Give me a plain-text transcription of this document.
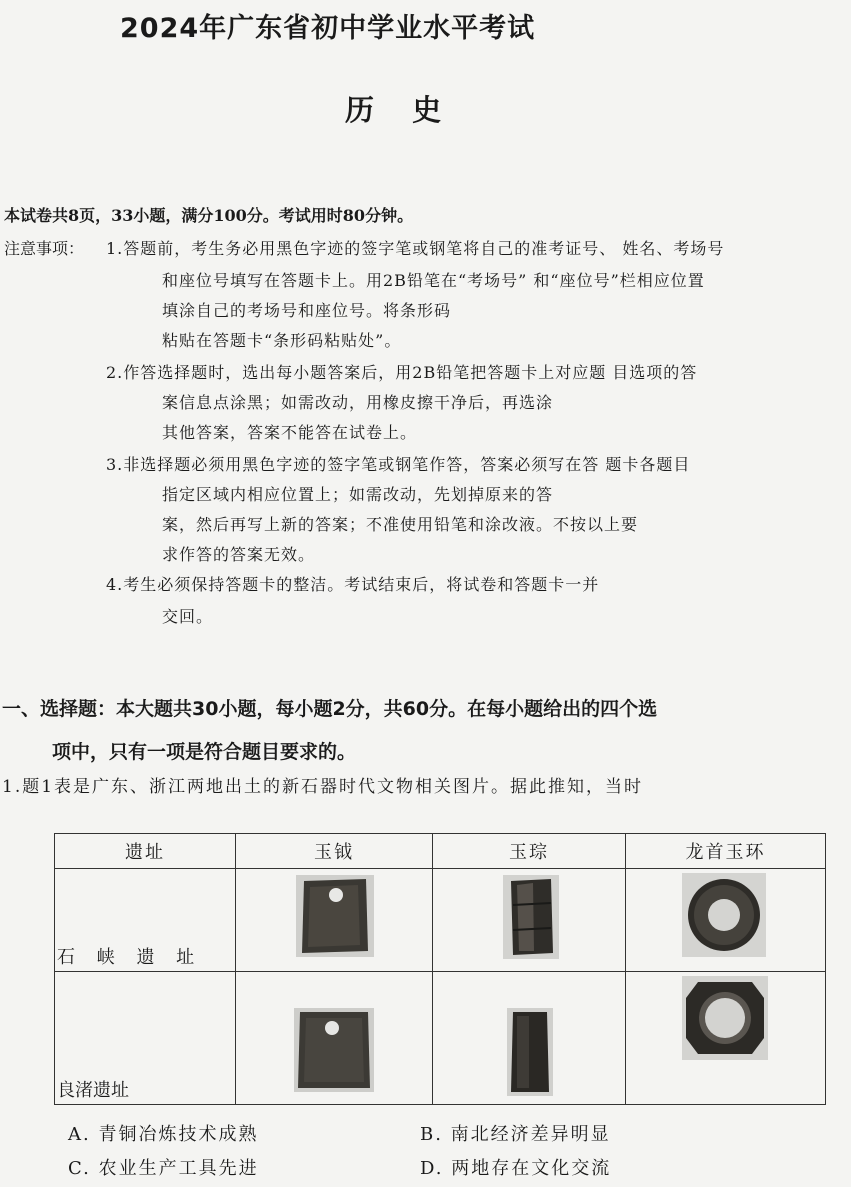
2024年广东省初中学业水平考试
历 史
本试卷共8页，33小题，满分100分。考试用时80分钟。
注意事项： 1.答题前，考生务必用黑色字迹的签字笔或钢笔将自己的准考证号、 姓名、考场号
和座位号填写在答题卡上。用2B铅笔在“考场号” 和“座位号”栏相应位置
填涂自己的考场号和座位号。将条形码
粘贴在答题卡“条形码粘贴处”。
2.作答选择题时，选出每小题答案后，用2B铅笔把答题卡上对应题 目选项的答
案信息点涂黑；如需改动，用橡皮擦干净后，再选涂
其他答案，答案不能答在试卷上。
3.非选择题必须用黑色字迹的签字笔或钢笔作答，答案必须写在答 题卡各题目
指定区域内相应位置上；如需改动，先划掉原来的答
案，然后再写上新的答案；不准使用铅笔和涂改液。不按以上要
求作答的答案无效。
4.考生必须保持答题卡的整洁。考试结束后，将试卷和答题卡一并
交回。
一、选择题：本大题共30小题，每小题2分，共60分。在每小题给出的四个选
项中，只有一项是符合题目要求的。
1.题1表是广东、浙江两地出土的新石器时代文物相关图片。据此推知，当时
遗址	玉钺	玉琮	龙首玉环

石 峡 遗 址

良渚遗址

A. 青铜冶炼技术成熟	B. 南北经济差异明显
C. 农业生产工具先进	D. 两地存在文化交流
